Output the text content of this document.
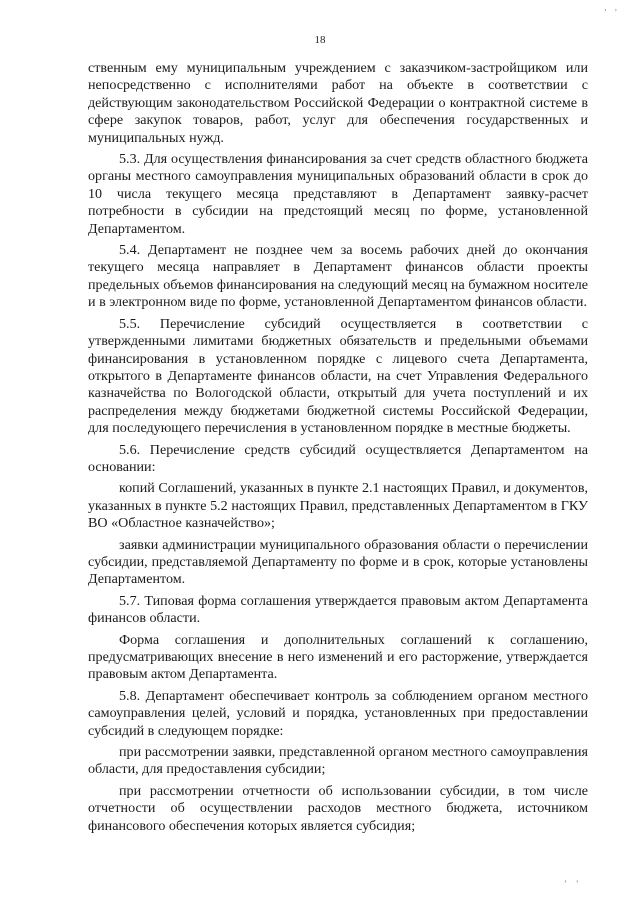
, ,
18

ственным ему муниципальным учреждением с заказчиком-застройщиком или непосредственно с исполнителями работ на объекте в соответствии с действующим законодательством Российской Федерации о контрактной системе в сфере закупок товаров, работ, услуг для обеспечения государственных и муниципальных нужд.

5.3. Для осуществления финансирования за счет средств областного бюджета органы местного самоуправления муниципальных образований области в срок до 10 числа текущего месяца представляют в Департамент заявку-расчет потребности в субсидии на предстоящий месяц по форме, установленной Департаментом.

5.4. Департамент не позднее чем за восемь рабочих дней до окончания текущего месяца направляет в Департамент финансов области проекты предельных объемов финансирования на следующий месяц на бумажном носителе и в электронном виде по форме, установленной Департаментом финансов области.

5.5. Перечисление субсидий осуществляется в соответствии с утвержденными лимитами бюджетных обязательств и предельными объемами финансирования в установленном порядке с лицевого счета Департамента, открытого в Департаменте финансов области, на счет Управления Федерального казначейства по Вологодской области, открытый для учета поступлений и их распределения между бюджетами бюджетной системы Российской Федерации, для последующего перечисления в установленном порядке в местные бюджеты.

5.6. Перечисление средств субсидий осуществляется Департаментом на основании:

копий Соглашений, указанных в пункте 2.1 настоящих Правил, и документов, указанных в пункте 5.2 настоящих Правил, представленных Департаментом в ГКУ ВО «Областное казначейство»;

заявки администрации муниципального образования области о перечислении субсидии, представляемой Департаменту по форме и в срок, которые установлены Департаментом.

5.7. Типовая форма соглашения утверждается правовым актом Департамента финансов области.

Форма соглашения и дополнительных соглашений к соглашению, предусматривающих внесение в него изменений и его расторжение, утверждается правовым актом Департамента.

5.8. Департамент обеспечивает контроль за соблюдением органом местного самоуправления целей, условий и порядка, установленных при предоставлении субсидий в следующем порядке:

при рассмотрении заявки, представленной органом местного самоуправления области, для предоставления субсидии;

при рассмотрении отчетности об использовании субсидии, в том числе отчетности об осуществлении расходов местного бюджета, источником финансового обеспечения которых является субсидия;

' '
